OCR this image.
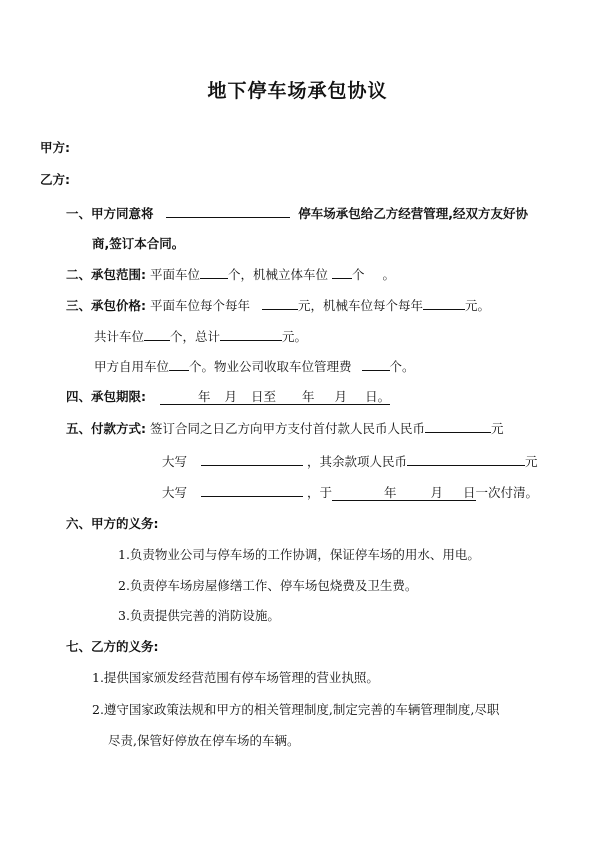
地下停车场承包协议
甲方:
乙方:
一、甲方同意将	停车场承包给乙方经营管理,经双方友好协
商,签订本合同。
二、承包范围: 平面车位 个，机械立体车位 个 。
三、承包价格: 平面车位每个每年	元，机械车位每个每年	元。
共计车位 个，总计	元。
甲方自用车位 个。物业公司收取车位管理费	个。
四、承包期限:	年 月 日至 年 月 日。
五、付款方式: 签订合同之日乙方向甲方支付首付款人民币人民币	元
大写	，其余款项人民币	元
大写	，于	年	月 日一次付清。
六、甲方的义务:
1.负责物业公司与停车场的工作协调，保证停车场的用水、用电。
2.负责停车场房屋修缮工作、停车场包烧费及卫生费。
3.负责提供完善的消防设施。
七、乙方的义务:
1.提供国家颁发经营范围有停车场管理的营业执照。
2.遵守国家政策法规和甲方的相关管理制度,制定完善的车辆管理制度,尽职
尽责,保管好停放在停车场的车辆。
